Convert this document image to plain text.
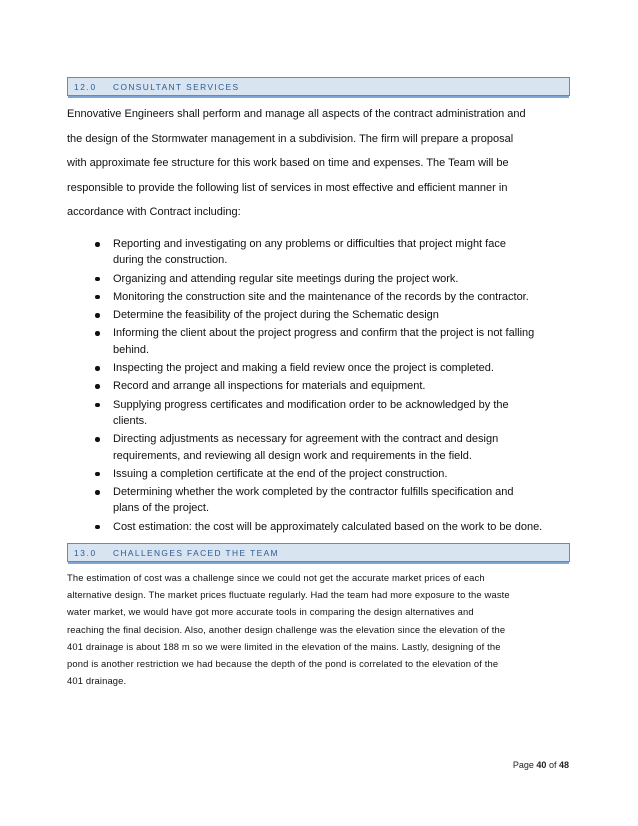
12.0	CONSULTANT SERVICES
Ennovative Engineers shall perform and manage all aspects of the contract administration and
the design of the Stormwater management in a subdivision. The firm will prepare a proposal
with approximate fee structure for this work based on time and expenses. The Team will be
responsible to provide the following list of services in most effective and efficient manner in
accordance with Contract including:
Reporting and investigating on any problems or difficulties that project might face
during the construction.
Organizing and attending regular site meetings during the project work.
Monitoring the construction site and the maintenance of the records by the contractor.
Determine the feasibility of the project during the Schematic design
Informing the client about the project progress and confirm that the project is not falling
behind.
Inspecting the project and making a field review once the project is completed.
Record and arrange all inspections for materials and equipment.
Supplying progress certificates and modification order to be acknowledged by the
clients.
Directing adjustments as necessary for agreement with the contract and design
requirements, and reviewing all design work and requirements in the field.
Issuing a completion certificate at the end of the project construction.
Determining whether the work completed by the contractor fulfills specification and
plans of the project.
Cost estimation: the cost will be approximately calculated based on the work to be done.
13.0	CHALLENGES FACED THE TEAM
The estimation of cost was a challenge since we could not get the accurate market prices of each
alternative design. The market prices fluctuate regularly. Had the team had more exposure to the waste
water market, we would have got more accurate tools in comparing the design alternatives and
reaching the final decision. Also, another design challenge was the elevation since the elevation of the
401 drainage is about 188 m so we were limited in the elevation of the mains. Lastly, designing of the
pond is another restriction we had because the depth of the pond is correlated to the elevation of the
401 drainage.
Page 40 of 48
